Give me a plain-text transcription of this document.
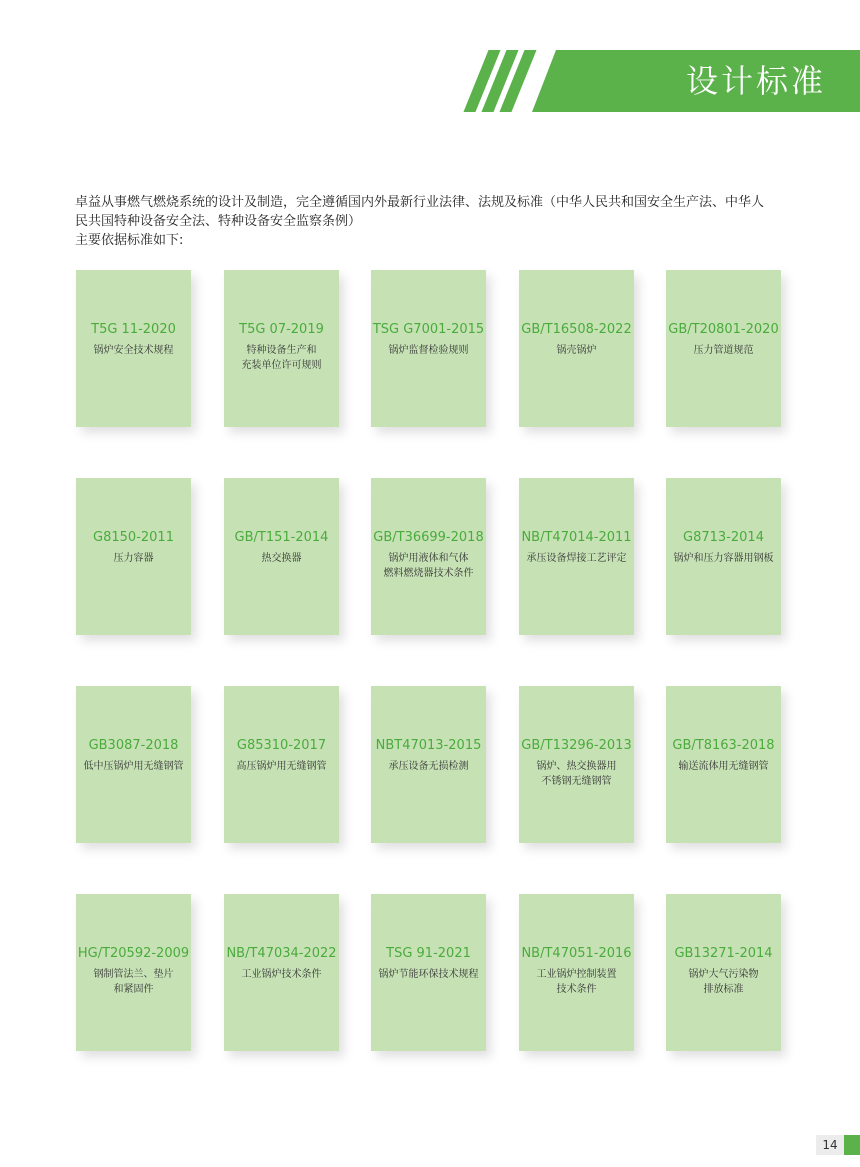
设计标准

卓益从事燃气燃烧系统的设计及制造，完全遵循国内外最新行业法律、法规及标准（中华人民共和国安全生产法、中华人

民共国特种设备安全法、特种设备安全监察条例）

主要依据标准如下:

T5G 11-2020
锅炉安全技术规程
T5G 07-2019
特种设备生产和
充装单位许可规则
TSG G7001-2015
锅炉监督检验规则
GB/T16508-2022
锅壳锅炉
GB/T20801-2020
压力管道规范
G8150-2011
压力容器
GB/T151-2014
热交换器
GB/T36699-2018
锅炉用液体和气体
燃料燃烧器技术条件
NB/T47014-2011
承压设备焊接工艺评定
G8713-2014
锅炉和压力容器用钢板
GB3087-2018
低中压锅炉用无缝钢管
G85310-2017
高压锅炉用无缝钢管
NBT47013-2015
承压设备无损检测
GB/T13296-2013
锅炉、热交换器用
不锈钢无缝钢管
GB/T8163-2018
输送流体用无缝钢管
HG/T20592-2009
钢制管法兰、垫片
和紧固件
NB/T47034-2022
工业锅炉技术条件
TSG 91-2021
锅炉节能环保技术规程
NB/T47051-2016
工业锅炉控制装置
技术条件
GB13271-2014
锅炉大气污染物
排放标准
14
